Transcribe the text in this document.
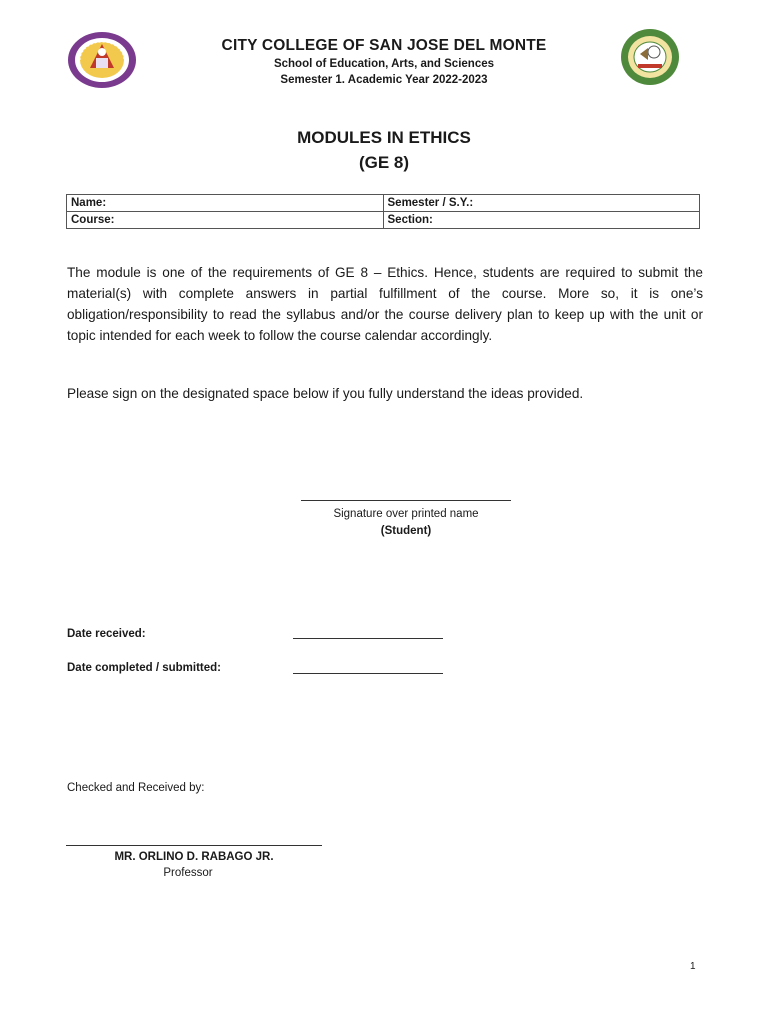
CITY COLLEGE OF SAN JOSE DEL MONTE
School of Education, Arts, and Sciences
Semester 1. Academic Year 2022-2023
MODULES IN ETHICS
(GE 8)
Name:	Semester / S.Y.:
Course:	Section:
The module is one of the requirements of GE 8 – Ethics. Hence, students are required to submit the material(s) with complete answers in partial fulfillment of the course. More so, it is one’s obligation/responsibility to read the syllabus and/or the course delivery plan to keep up with the unit or topic intended for each week to follow the course calendar accordingly.
Please sign on the designated space below if you fully understand the ideas provided.
Signature over printed name
(Student)
Date received:
Date completed / submitted:
Checked and Received by:
MR. ORLINO D. RABAGO JR.
Professor
1
